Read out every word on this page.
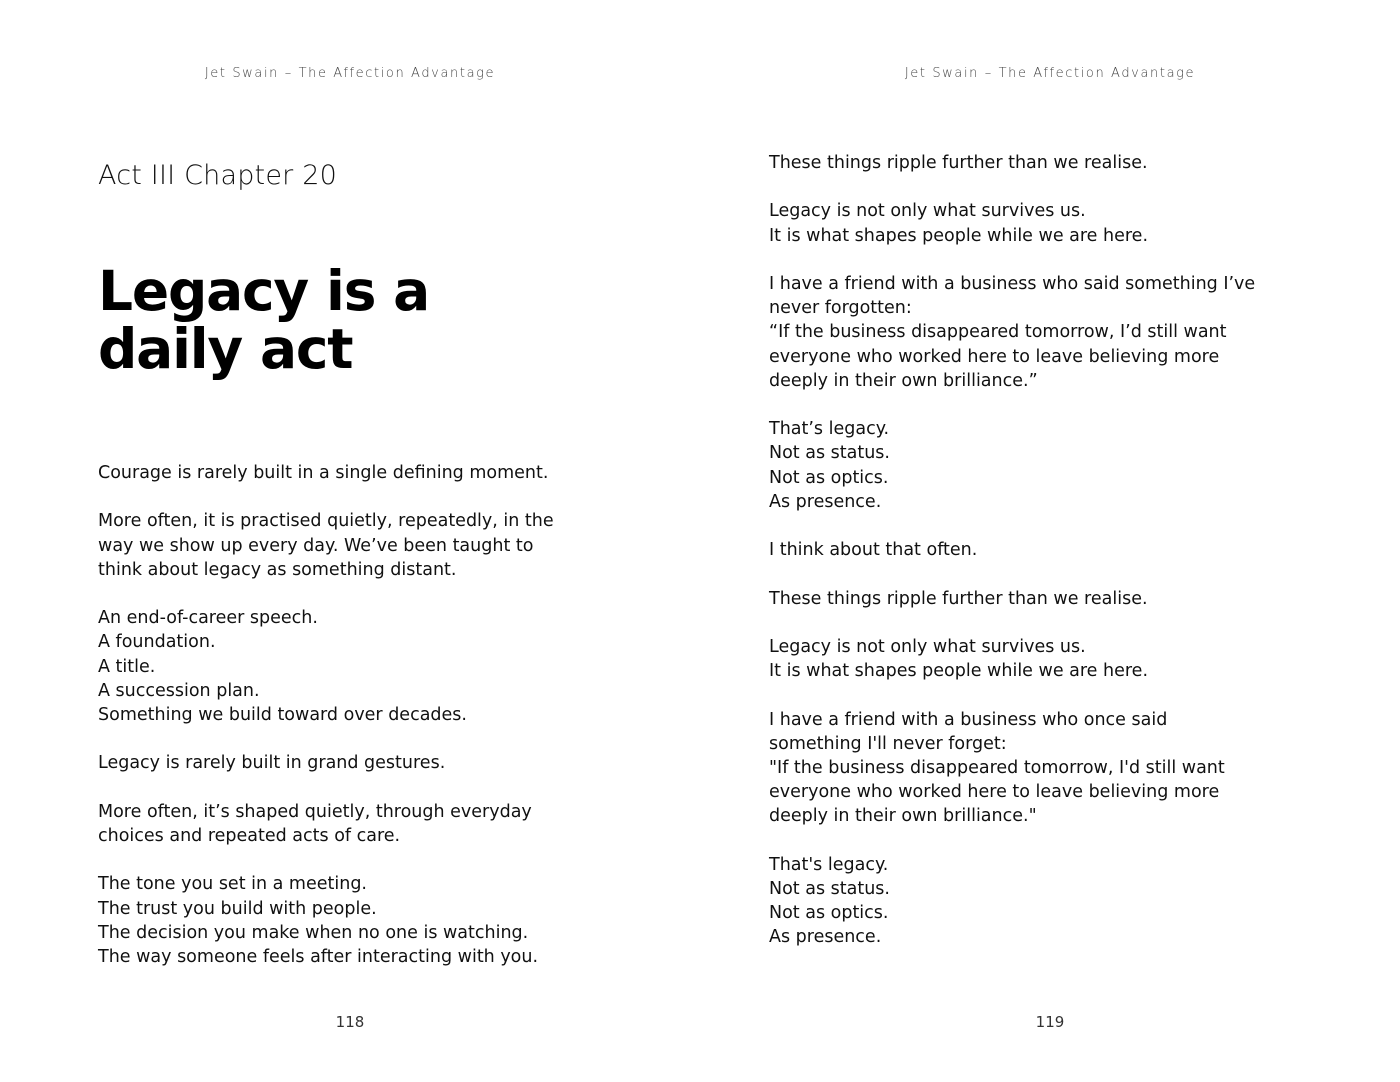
Jet Swain – The Affection Advantage
Act III Chapter 20
Legacy is a
daily act

Courage is rarely built in a single defining moment.

More often, it is practised quietly, repeatedly, in the
way we show up every day. We’ve been taught to
think about legacy as something distant.

An end-of-career speech.
A foundation.
A title.
A succession plan.
Something we build toward over decades.

Legacy is rarely built in grand gestures.

More often, it’s shaped quietly, through everyday
choices and repeated acts of care.

The tone you set in a meeting.
The trust you build with people.
The decision you make when no one is watching.
The way someone feels after interacting with you.

118
Jet Swain – The Affection Advantage

These things ripple further than we realise.

Legacy is not only what survives us.
It is what shapes people while we are here.

I have a friend with a business who said something I’ve
never forgotten:
“If the business disappeared tomorrow, I’d still want
everyone who worked here to leave believing more
deeply in their own brilliance.”

That’s legacy.
Not as status.
Not as optics.
As presence.

I think about that often.

These things ripple further than we realise.

Legacy is not only what survives us.
It is what shapes people while we are here.

I have a friend with a business who once said
something I'll never forget:
"If the business disappeared tomorrow, I'd still want
everyone who worked here to leave believing more
deeply in their own brilliance."

That's legacy.
Not as status.
Not as optics.
As presence.

119
